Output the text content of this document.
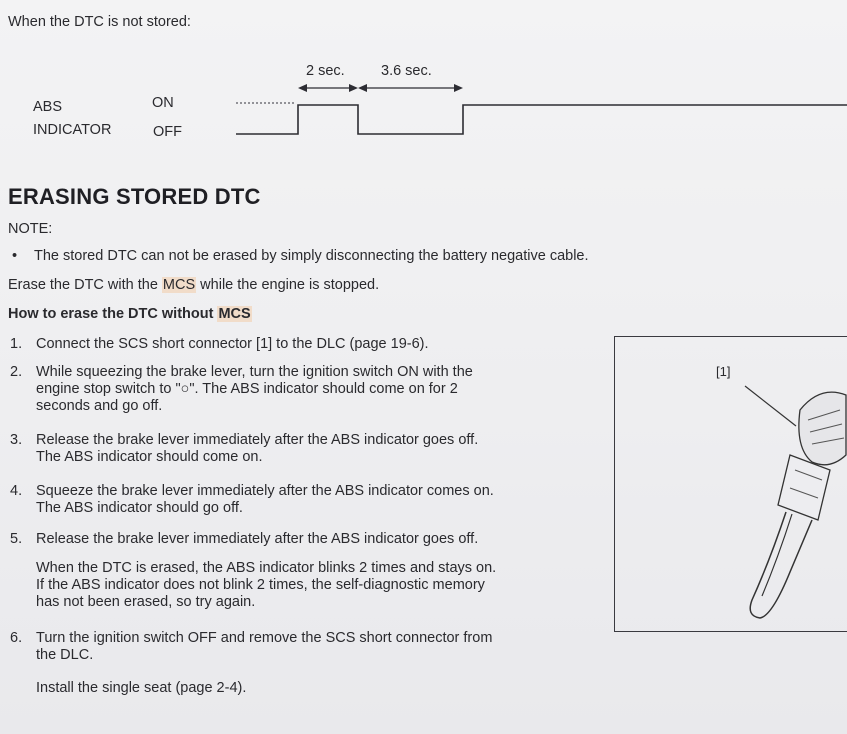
When the DTC is not stored:
2 sec.	3.6 sec.
ABS
INDICATOR
ON
OFF
ERASING STORED DTC
NOTE:
• The stored DTC can not be erased by simply disconnecting the battery negative cable.
Erase the DTC with the MCS while the engine is stopped.
How to erase the DTC without MCS
1. Connect the SCS short connector [1] to the DLC (page 19-6).
2. While squeezing the brake lever, turn the ignition switch ON with the
engine stop switch to "○". The ABS indicator should come on for 2
seconds and go off.
3. Release the brake lever immediately after the ABS indicator goes off.
The ABS indicator should come on.
4. Squeeze the brake lever immediately after the ABS indicator comes on.
The ABS indicator should go off.
5. Release the brake lever immediately after the ABS indicator goes off.
When the DTC is erased, the ABS indicator blinks 2 times and stays on.
If the ABS indicator does not blink 2 times, the self-diagnostic memory
has not been erased, so try again.
6. Turn the ignition switch OFF and remove the SCS short connector from
the DLC.
Install the single seat (page 2-4).
[1]
